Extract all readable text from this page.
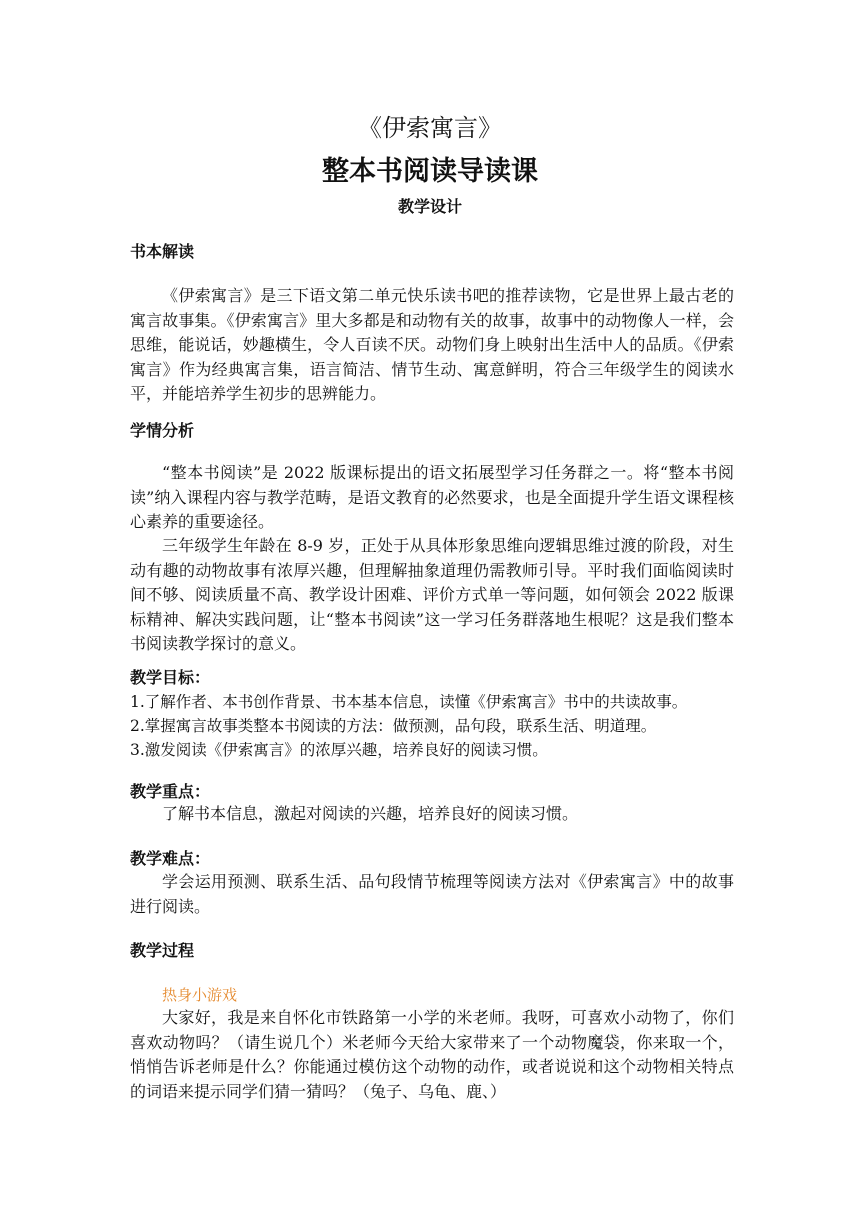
《伊索寓言》
整本书阅读导读课
教学设计
书本解读
《伊索寓言》是三下语文第二单元快乐读书吧的推荐读物，它是世界上最古老的寓言故事集。《伊索寓言》里大多都是和动物有关的故事，故事中的动物像人一样，会思维，能说话，妙趣横生，令人百读不厌。动物们身上映射出生活中人的品质。《伊索寓言》作为经典寓言集，语言简洁、情节生动、寓意鲜明，符合三年级学生的阅读水平，并能培养学生初步的思辨能力。
学情分析
“整本书阅读”是 2022 版课标提出的语文拓展型学习任务群之一。将“整本书阅读”纳入课程内容与教学范畴，是语文教育的必然要求，也是全面提升学生语文课程核心素养的重要途径。
三年级学生年龄在 8-9 岁，正处于从具体形象思维向逻辑思维过渡的阶段，对生动有趣的动物故事有浓厚兴趣，但理解抽象道理仍需教师引导。平时我们面临阅读时间不够、阅读质量不高、教学设计困难、评价方式单一等问题，如何领会 2022 版课标精神、解决实践问题，让“整本书阅读”这一学习任务群落地生根呢？这是我们整本书阅读教学探讨的意义。
教学目标：
1.了解作者、本书创作背景、书本基本信息，读懂《伊索寓言》书中的共读故事。
2.掌握寓言故事类整本书阅读的方法：做预测，品句段，联系生活、明道理。
3.激发阅读《伊索寓言》的浓厚兴趣，培养良好的阅读习惯。
教学重点：
了解书本信息，激起对阅读的兴趣，培养良好的阅读习惯。
教学难点：
学会运用预测、联系生活、品句段情节梳理等阅读方法对《伊索寓言》中的故事进行阅读。
教学过程
热身小游戏
大家好，我是来自怀化市铁路第一小学的米老师。我呀，可喜欢小动物了，你们喜欢动物吗？（请生说几个）米老师今天给大家带来了一个动物魔袋，你来取一个，悄悄告诉老师是什么？你能通过模仿这个动物的动作，或者说说和这个动物相关特点的词语来提示同学们猜一猜吗？（兔子、乌龟、鹿、）
